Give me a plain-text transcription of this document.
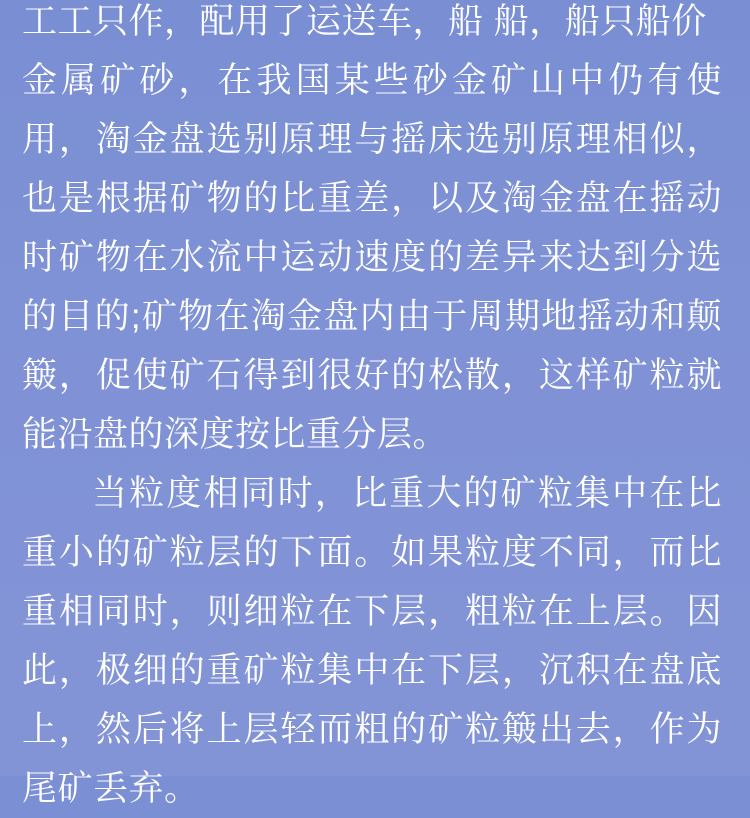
工工只作，配用了运送车，船 船，船只船价

金属矿砂，在我国某些砂金矿山中仍有使用，淘金盘选别原理与摇床选别原理相似，也是根据矿物的比重差，以及淘金盘在摇动时矿物在水流中运动速度的差异来达到分选的目的;矿物在淘金盘内由于周期地摇动和颠簸，促使矿石得到很好的松散，这样矿粒就能沿盘的深度按比重分层。

当粒度相同时，比重大的矿粒集中在比重小的矿粒层的下面。如果粒度不同，而比重相同时，则细粒在下层，粗粒在上层。因此，极细的重矿粒集中在下层，沉积在盘底上，然后将上层轻而粗的矿粒簸出去，作为尾矿丢弃。
